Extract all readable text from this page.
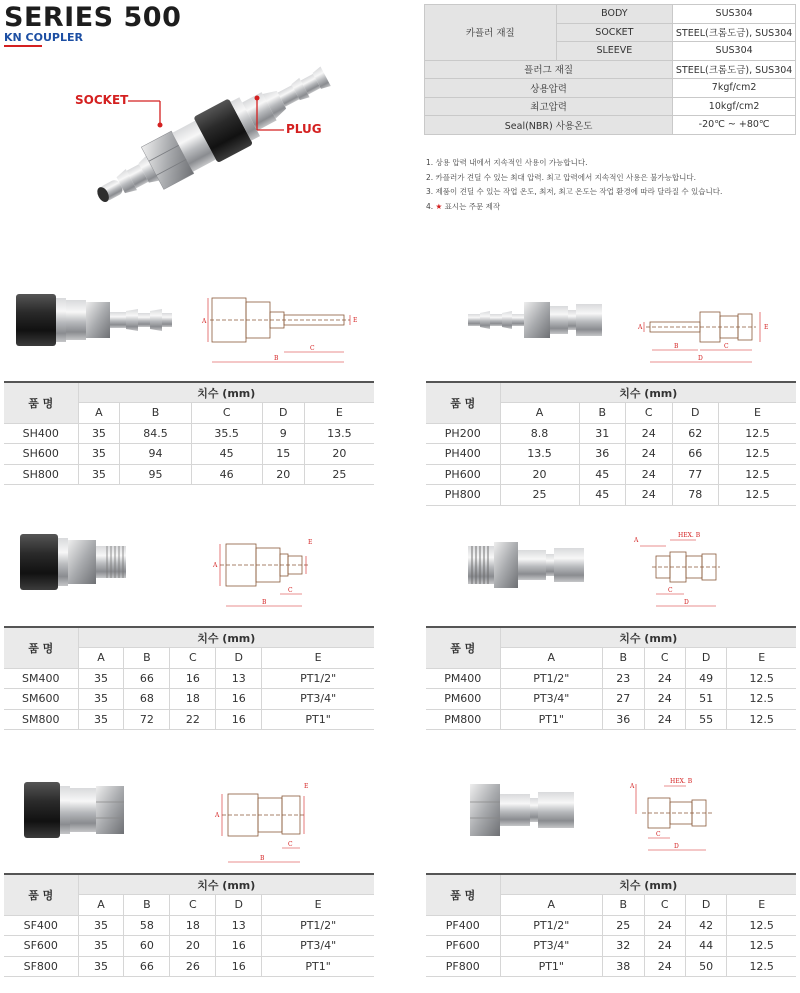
SERIES 500
KN COUPLER
SOCKET
PLUG
카플러 재질	BODY	SUS304
	SOCKET	STEEL(크롬도금), SUS304
	SLEEVE	SUS304
플러그 재질		STEEL(크롬도금), SUS304
상용압력		7kgf/cm2
최고압력		10kgf/cm2
Seal(NBR) 사용온도		-20℃ ~ +80℃
1. 상용 압력 내에서 지속적인 사용이 가능합니다.
2. 카플러가 견딜 수 있는 최대 압력. 최고 압력에서 지속적인 사용은 불가능합니다.
3. 제품이 견딜 수 있는 작업 온도, 최저, 최고 온도는 작업 환경에 따라 달라질 수 있습니다.
4. ★ 표시는 주문 제작
A
B
C
E
A
B	C
D
E
품 명	치수 (mm)				
	A	B	C	D	E
SH400	35	84.5	35.5	9	13.5
SH600	35	94	45	15	20
SH800	35	95	46	20	25
품 명	치수 (mm)				
	A	B	C	D	E
PH200	8.8	31	24	62	12.5
PH400	13.5	36	24	66	12.5
PH600	20	45	24	77	12.5
PH800	25	45	24	78	12.5
A
B
C
E	A
HEX. B
C
D
품 명	치수 (mm)				
	A	B	C	D	E
SM400	35	66	16	13	PT1/2"
SM600	35	68	18	16	PT3/4"
SM800	35	72	22	16	PT1"
품 명	치수 (mm)				
	A	B	C	D	E
PM400	PT1/2"	23	24	49	12.5
PM600	PT3/4"	27	24	51	12.5
PM800	PT1"	36	24	55	12.5
A
B
C
E	A
HEX. B
C
D
품 명	치수 (mm)				
	A	B	C	D	E
SF400	35	58	18	13	PT1/2"
SF600	35	60	20	16	PT3/4"
SF800	35	66	26	16	PT1"
품 명	치수 (mm)				
	A	B	C	D	E
PF400	PT1/2"	25	24	42	12.5
PF600	PT3/4"	32	24	44	12.5
PF800	PT1"	38	24	50	12.5
